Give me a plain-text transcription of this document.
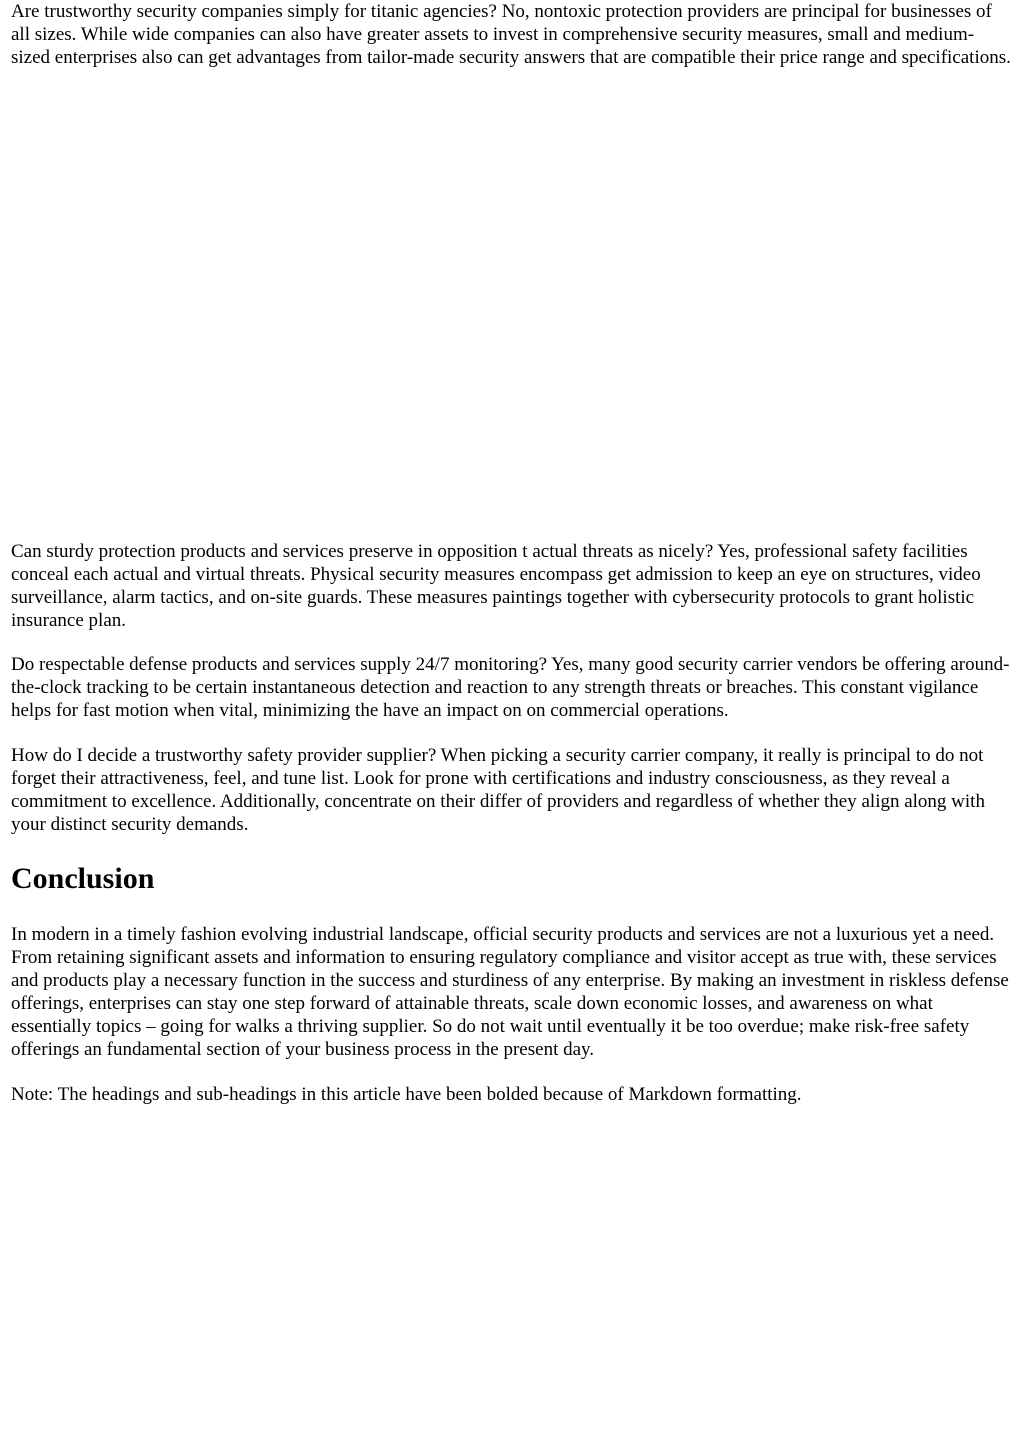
Are trustworthy security companies simply for titanic agencies? No, nontoxic protection providers are principal for businesses of all sizes. While wide companies can also have greater assets to invest in comprehensive security measures, small and medium-sized enterprises also can get advantages from tailor-made security answers that are compatible their price range and specifications.

Can sturdy protection products and services preserve in opposition t actual threats as nicely? Yes, professional safety facilities conceal each actual and virtual threats. Physical security measures encompass get admission to keep an eye on structures, video surveillance, alarm tactics, and on-site guards. These measures paintings together with cybersecurity protocols to grant holistic insurance plan.

Do respectable defense products and services supply 24/7 monitoring? Yes, many good security carrier vendors be offering around-the-clock tracking to be certain instantaneous detection and reaction to any strength threats or breaches. This constant vigilance helps for fast motion when vital, minimizing the have an impact on on commercial operations.

How do I decide a trustworthy safety provider supplier? When picking a security carrier company, it really is principal to do not forget their attractiveness, feel, and tune list. Look for prone with certifications and industry consciousness, as they reveal a commitment to excellence. Additionally, concentrate on their differ of providers and regardless of whether they align along with your distinct security demands.

Conclusion

In modern in a timely fashion evolving industrial landscape, official security products and services are not a luxurious yet a need. From retaining significant assets and information to ensuring regulatory compliance and visitor accept as true with, these services and products play a necessary function in the success and sturdiness of any enterprise. By making an investment in riskless defense offerings, enterprises can stay one step forward of attainable threats, scale down economic losses, and awareness on what essentially topics – going for walks a thriving supplier. So do not wait until eventually it be too overdue; make risk-free safety offerings an fundamental section of your business process in the present day.

Note: The headings and sub-headings in this article have been bolded because of Markdown formatting.
